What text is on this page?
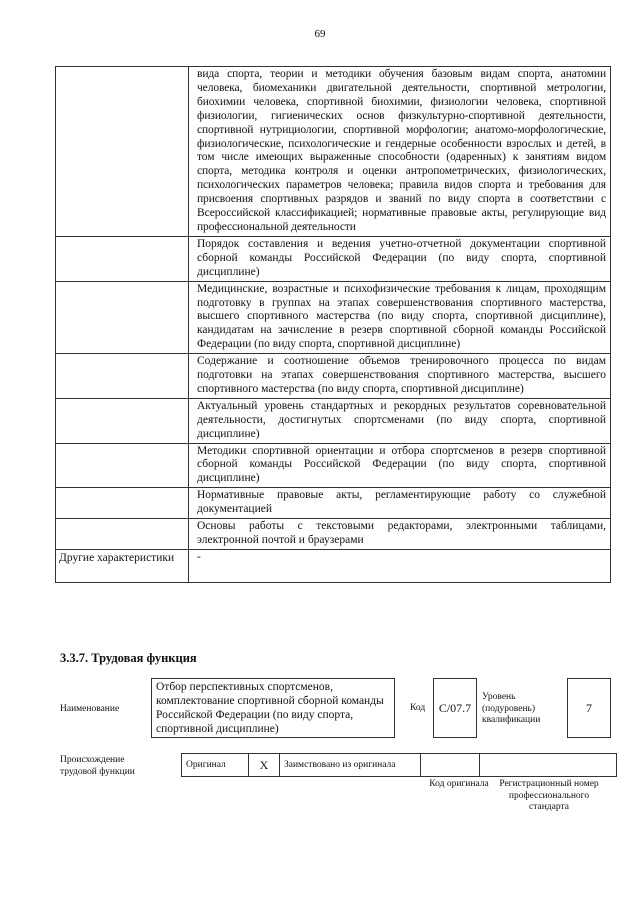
69

	вида спорта, теории и методики обучения базовым видам спорта, анатомии человека, биомеханики двигательной деятельности, спортивной метрологии, биохимии человека, спортивной биохимии, физиологии человека, спортивной физиологии, гигиенических основ физкультурно-спортивной деятельности, спортивной нутрициологии, спортивной морфологии; анатомо-морфологические, физиологические, психологические и гендерные особенности взрослых и детей, в том числе имеющих выраженные способности (одаренных) к занятиям видом спорта, методика контроля и оценки антропометрических, физиологических, психологических параметров человека; правила видов спорта и требования для присвоения спортивных разрядов и званий по виду спорта в соответствии с Всероссийской классификацией; нормативные правовые акты, регулирующие вид профессиональной деятельности

	Порядок составления и ведения учетно-отчетной документации спортивной сборной команды Российской Федерации (по виду спорта, спортивной дисциплине)

	Медицинские, возрастные и психофизические требования к лицам, проходящим подготовку в группах на этапах совершенствования спортивного мастерства, высшего спортивного мастерства (по виду спорта, спортивной дисциплине), кандидатам на зачисление в резерв спортивной сборной команды Российской Федерации (по виду спорта, спортивной дисциплине)

	Содержание и соотношение объемов тренировочного процесса по видам подготовки на этапах совершенствования спортивного мастерства, высшего спортивного мастерства (по виду спорта, спортивной дисциплине)

	Актуальный уровень стандартных и рекордных результатов соревновательной деятельности, достигнутых спортсменами (по виду спорта, спортивной дисциплине)

	Методики спортивной ориентации и отбора спортсменов в резерв спортивной сборной команды Российской Федерации (по виду спорта, спортивной дисциплине)

	Нормативные правовые акты, регламентирующие работу со служебной документацией

	Основы работы с текстовыми редакторами, электронными таблицами, электронной почтой и браузерами

Другие характеристики	-

3.3.7. Трудовая функция
Наименование
Отбор перспективных спортсменов, комплектование спортивной сборной команды Российской Федерации (по виду спорта, спортивной дисциплине)
Код	C/07.7
Уровень (подуровень) квалификации
7
Происхождение трудовой функции
Оригинал	X	Заимствовано из оригинала		
Код оригинала	Регистрационный номер профессионального стандарта
